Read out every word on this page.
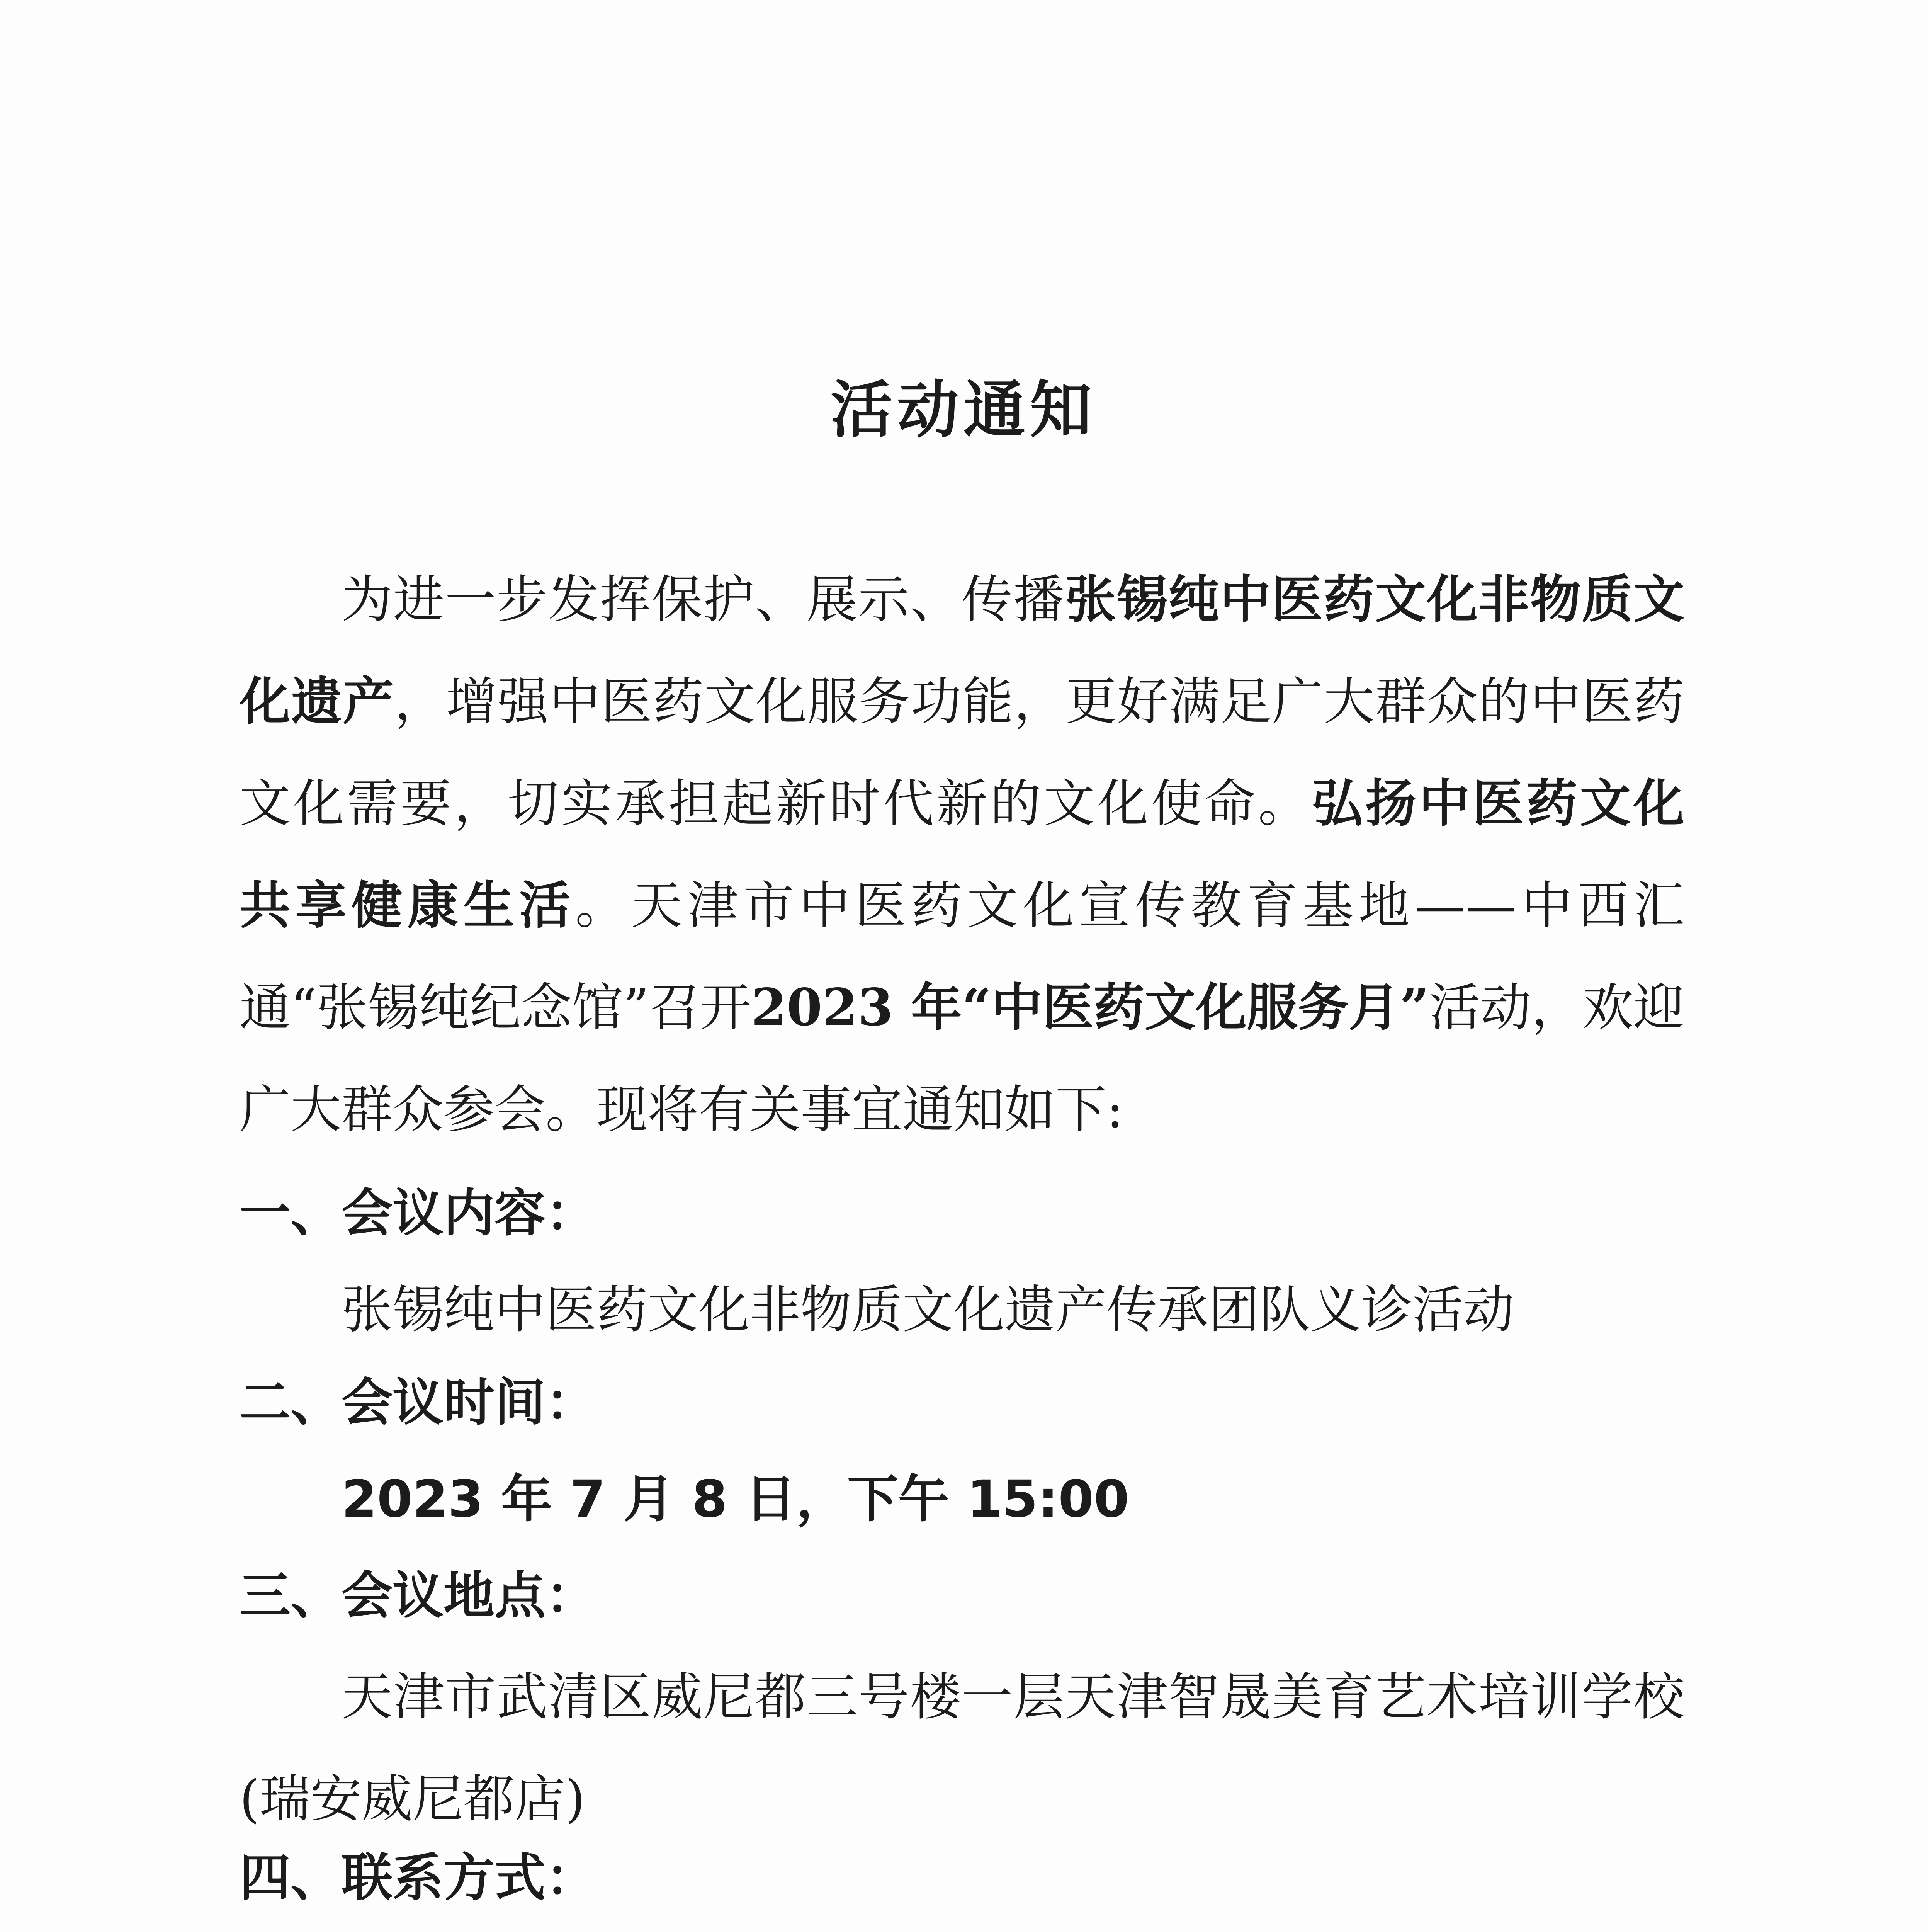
活动通知

为进一步发挥保护、展示、传播张锡纯中医药文化非物质文化遗产，增强中医药文化服务功能，更好满足广大群众的中医药文化需要，切实承担起新时代新的文化使命。弘扬中医药文化 共享健康生活。天津市中医药文化宣传教育基地——中西汇通“张锡纯纪念馆”召开2023 年“中医药文化服务月”活动，欢迎广大群众参会。现将有关事宜通知如下:

一、会议内容：
张锡纯中医药文化非物质文化遗产传承团队义诊活动
二、会议时间：
2023 年 7 月 8 日，下午 15:00
三、会议地点：

天津市武清区威尼都三号楼一层天津智晟美育艺术培训学校(瑞安威尼都店)

四、联系方式：
